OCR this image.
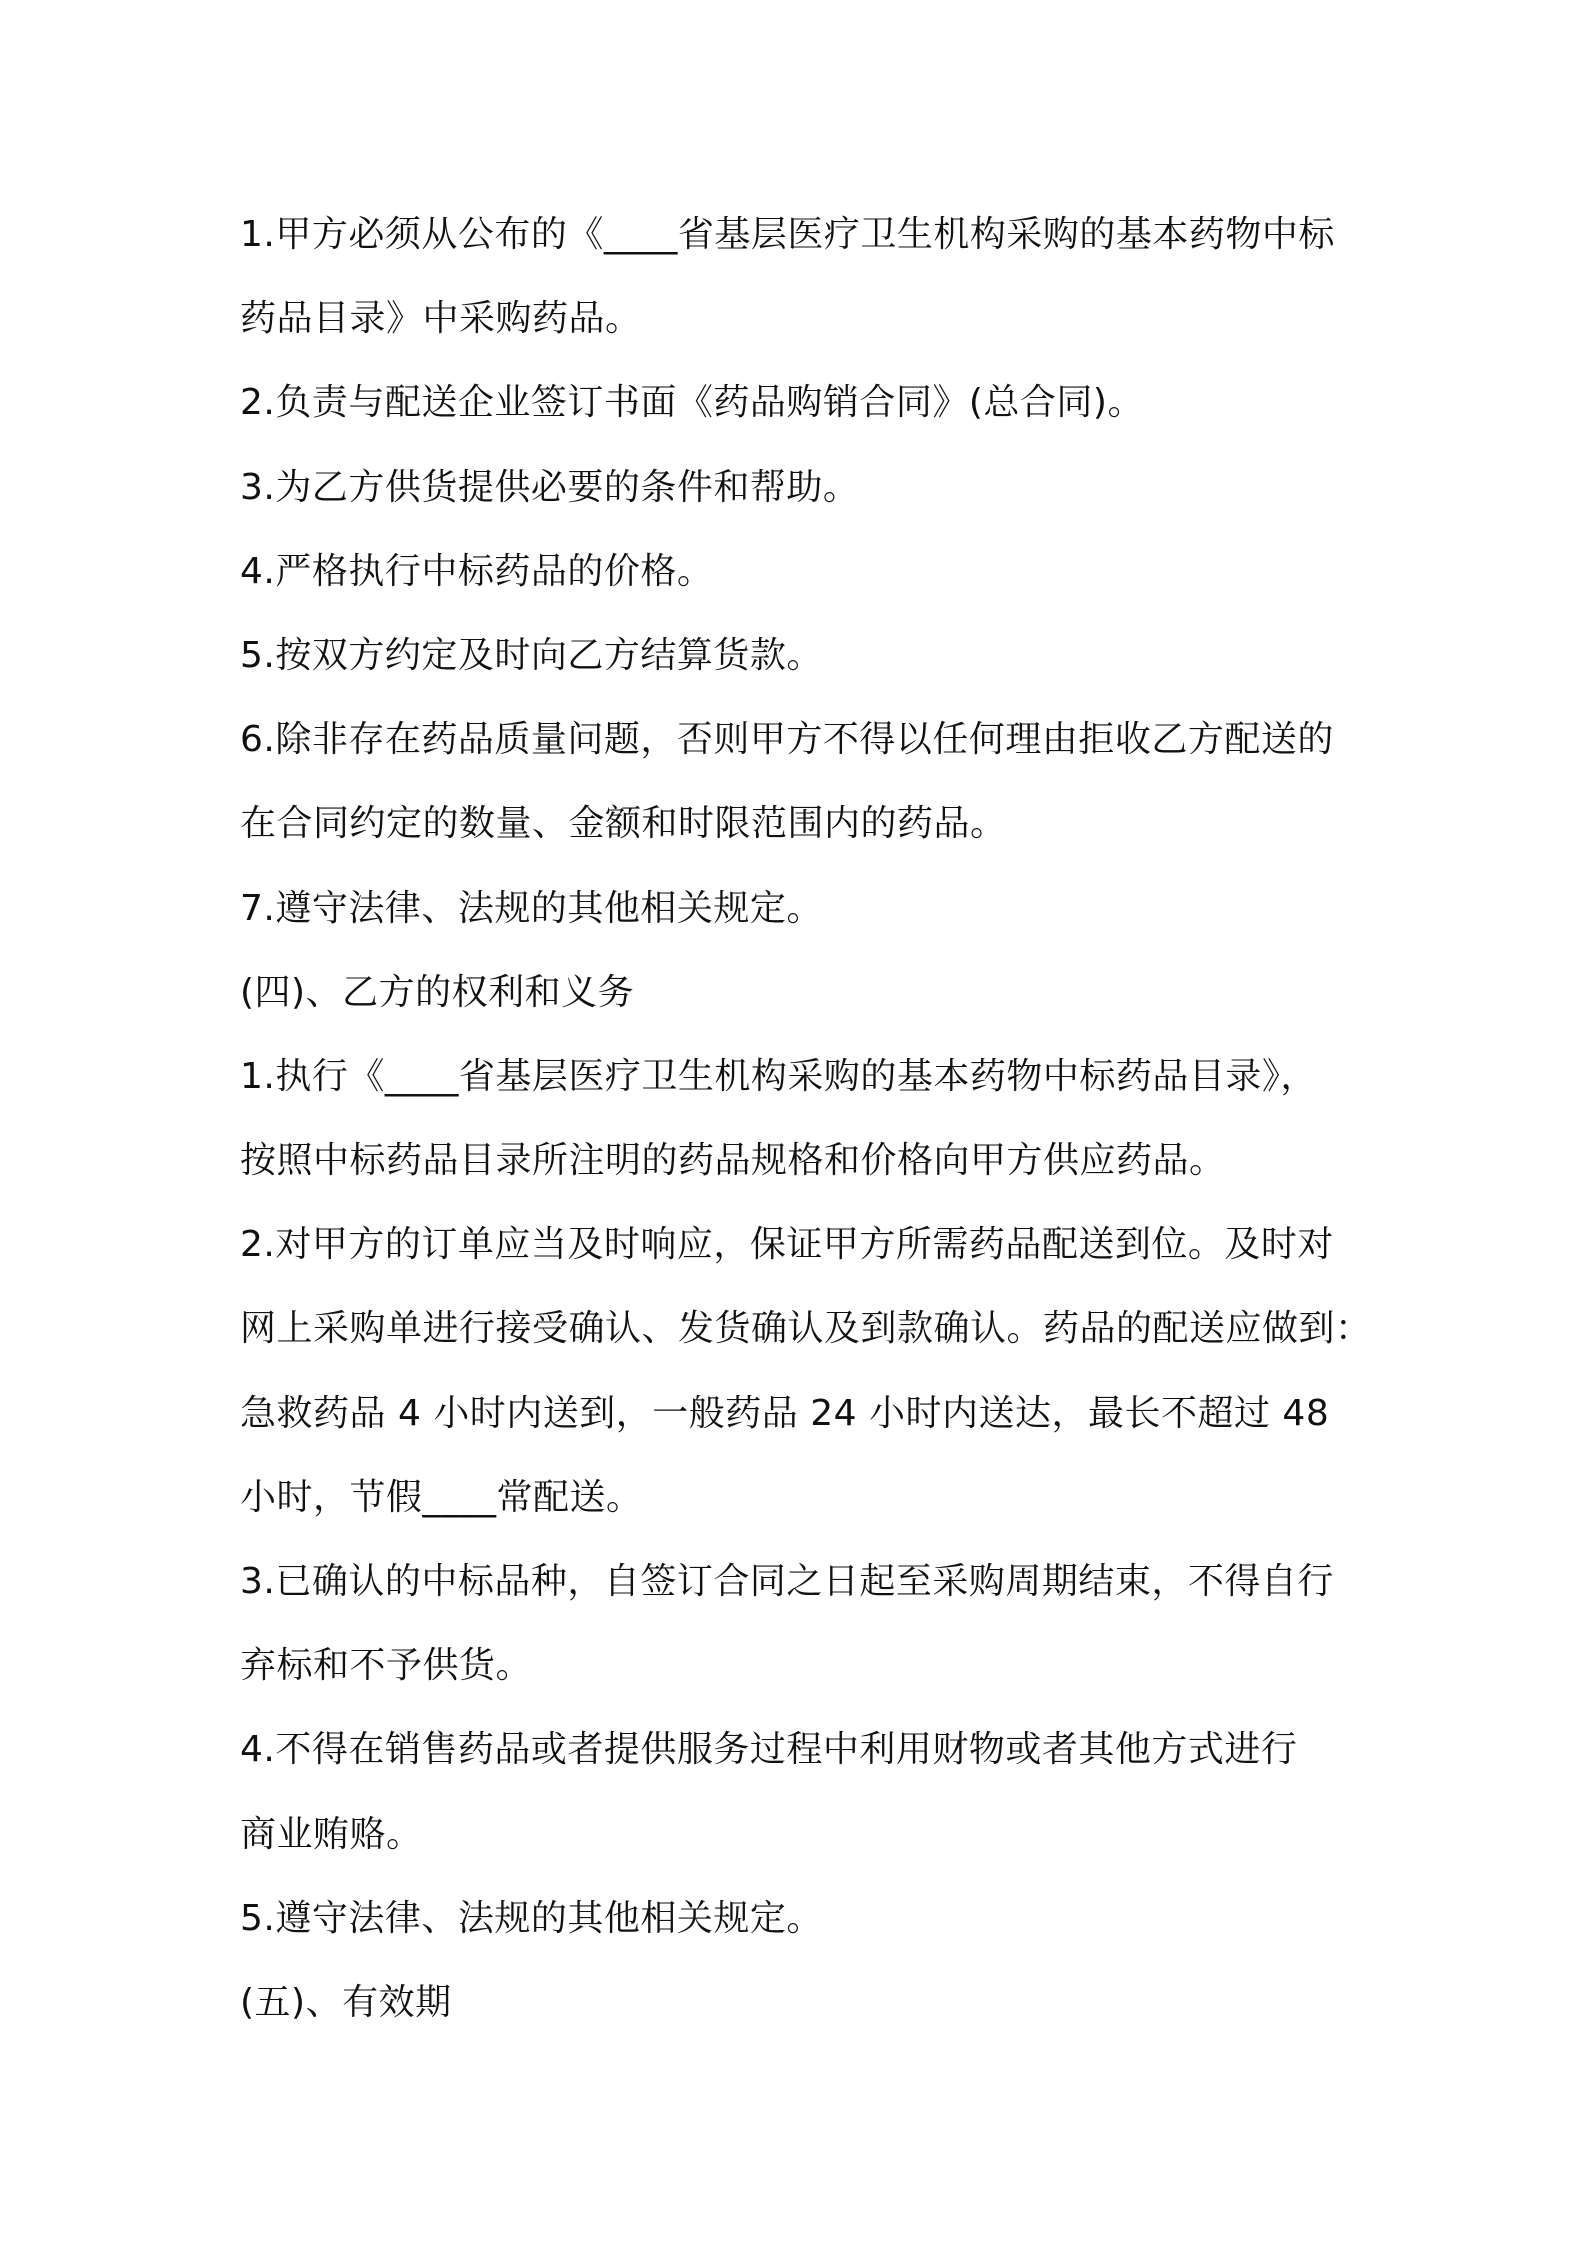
1.甲方必须从公布的《____省基层医疗卫生机构采购的基本药物中标
药品目录》中采购药品。
2.负责与配送企业签订书面《药品购销合同》(总合同)。
3.为乙方供货提供必要的条件和帮助。
4.严格执行中标药品的价格。
5.按双方约定及时向乙方结算货款。
6.除非存在药品质量问题，否则甲方不得以任何理由拒收乙方配送的
在合同约定的数量、金额和时限范围内的药品。
7.遵守法律、法规的其他相关规定。
(四)、乙方的权利和义务
1.执行《____省基层医疗卫生机构采购的基本药物中标药品目录》，
按照中标药品目录所注明的药品规格和价格向甲方供应药品。
2.对甲方的订单应当及时响应，保证甲方所需药品配送到位。及时对
网上采购单进行接受确认、发货确认及到款确认。药品的配送应做到：
急救药品 4 小时内送到，一般药品 24 小时内送达，最长不超过 48
小时，节假____常配送。
3.已确认的中标品种，自签订合同之日起至采购周期结束，不得自行
弃标和不予供货。
4.不得在销售药品或者提供服务过程中利用财物或者其他方式进行
商业贿赂。
5.遵守法律、法规的其他相关规定。
(五)、有效期
